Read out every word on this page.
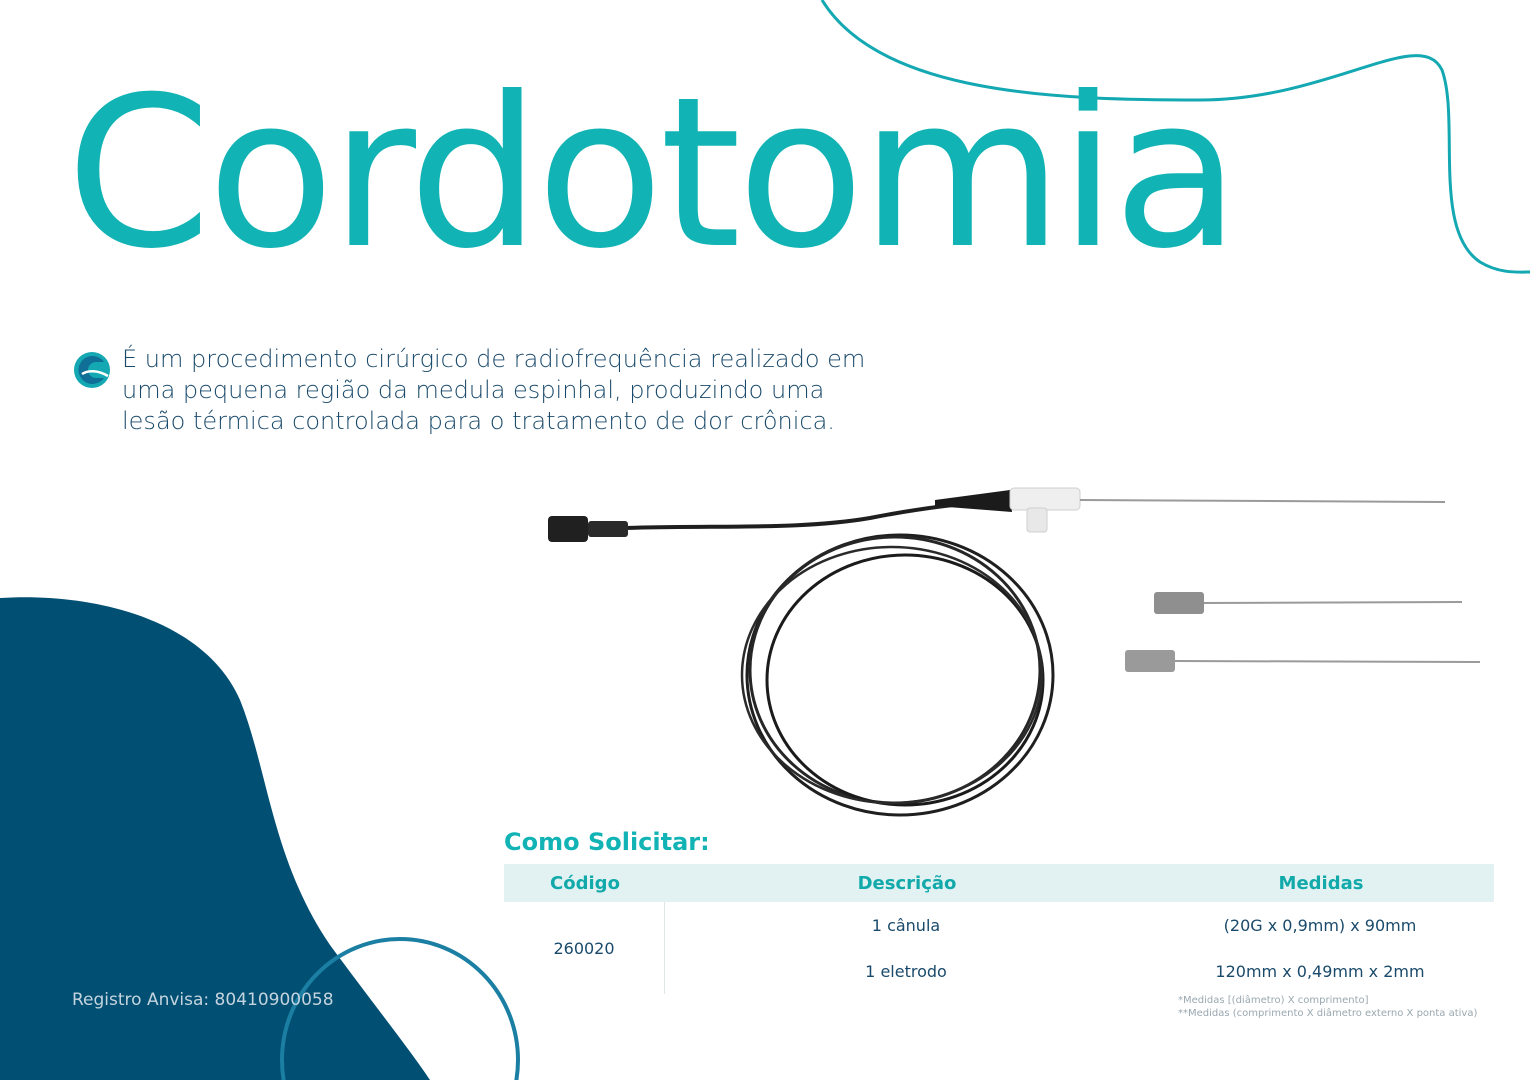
Cordotomia

É um procedimento cirúrgico de radiofrequência realizado em uma pequena região da medula espinhal, produzindo uma lesão térmica controlada para o tratamento de dor crônica.

Como Solicitar:
Código	Descrição	Medidas
260020
1 cânula	(20G x 0,9mm) x 90mm
1 eletrodo	120mm x 0,49mm x 2mm
*Medidas [(diâmetro) X comprimento]
**Medidas (comprimento X diâmetro externo X ponta ativa)

Registro Anvisa: 80410900058
